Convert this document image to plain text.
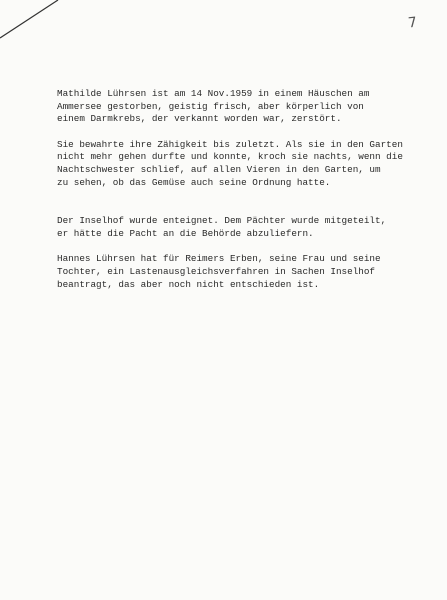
7

Mathilde Lührsen ist am 14 Nov.1959 in einem Häuschen am
Ammersee gestorben, geistig frisch, aber körperlich von
einem Darmkrebs, der verkannt worden war, zerstört.

Sie bewahrte ihre Zähigkeit bis zuletzt. Als sie in den Garten
nicht mehr gehen durfte und konnte, kroch sie nachts, wenn die
Nachtschwester schlief, auf allen Vieren in den Garten, um
zu sehen, ob das Gemüse auch seine Ordnung hatte.

Der Inselhof wurde enteignet. Dem Pächter wurde mitgeteilt,
er hätte die Pacht an die Behörde abzuliefern.

Hannes Lührsen hat für Reimers Erben, seine Frau und seine
Tochter, ein Lastenausgleichsverfahren in Sachen Inselhof
beantragt, das aber noch nicht entschieden ist.
